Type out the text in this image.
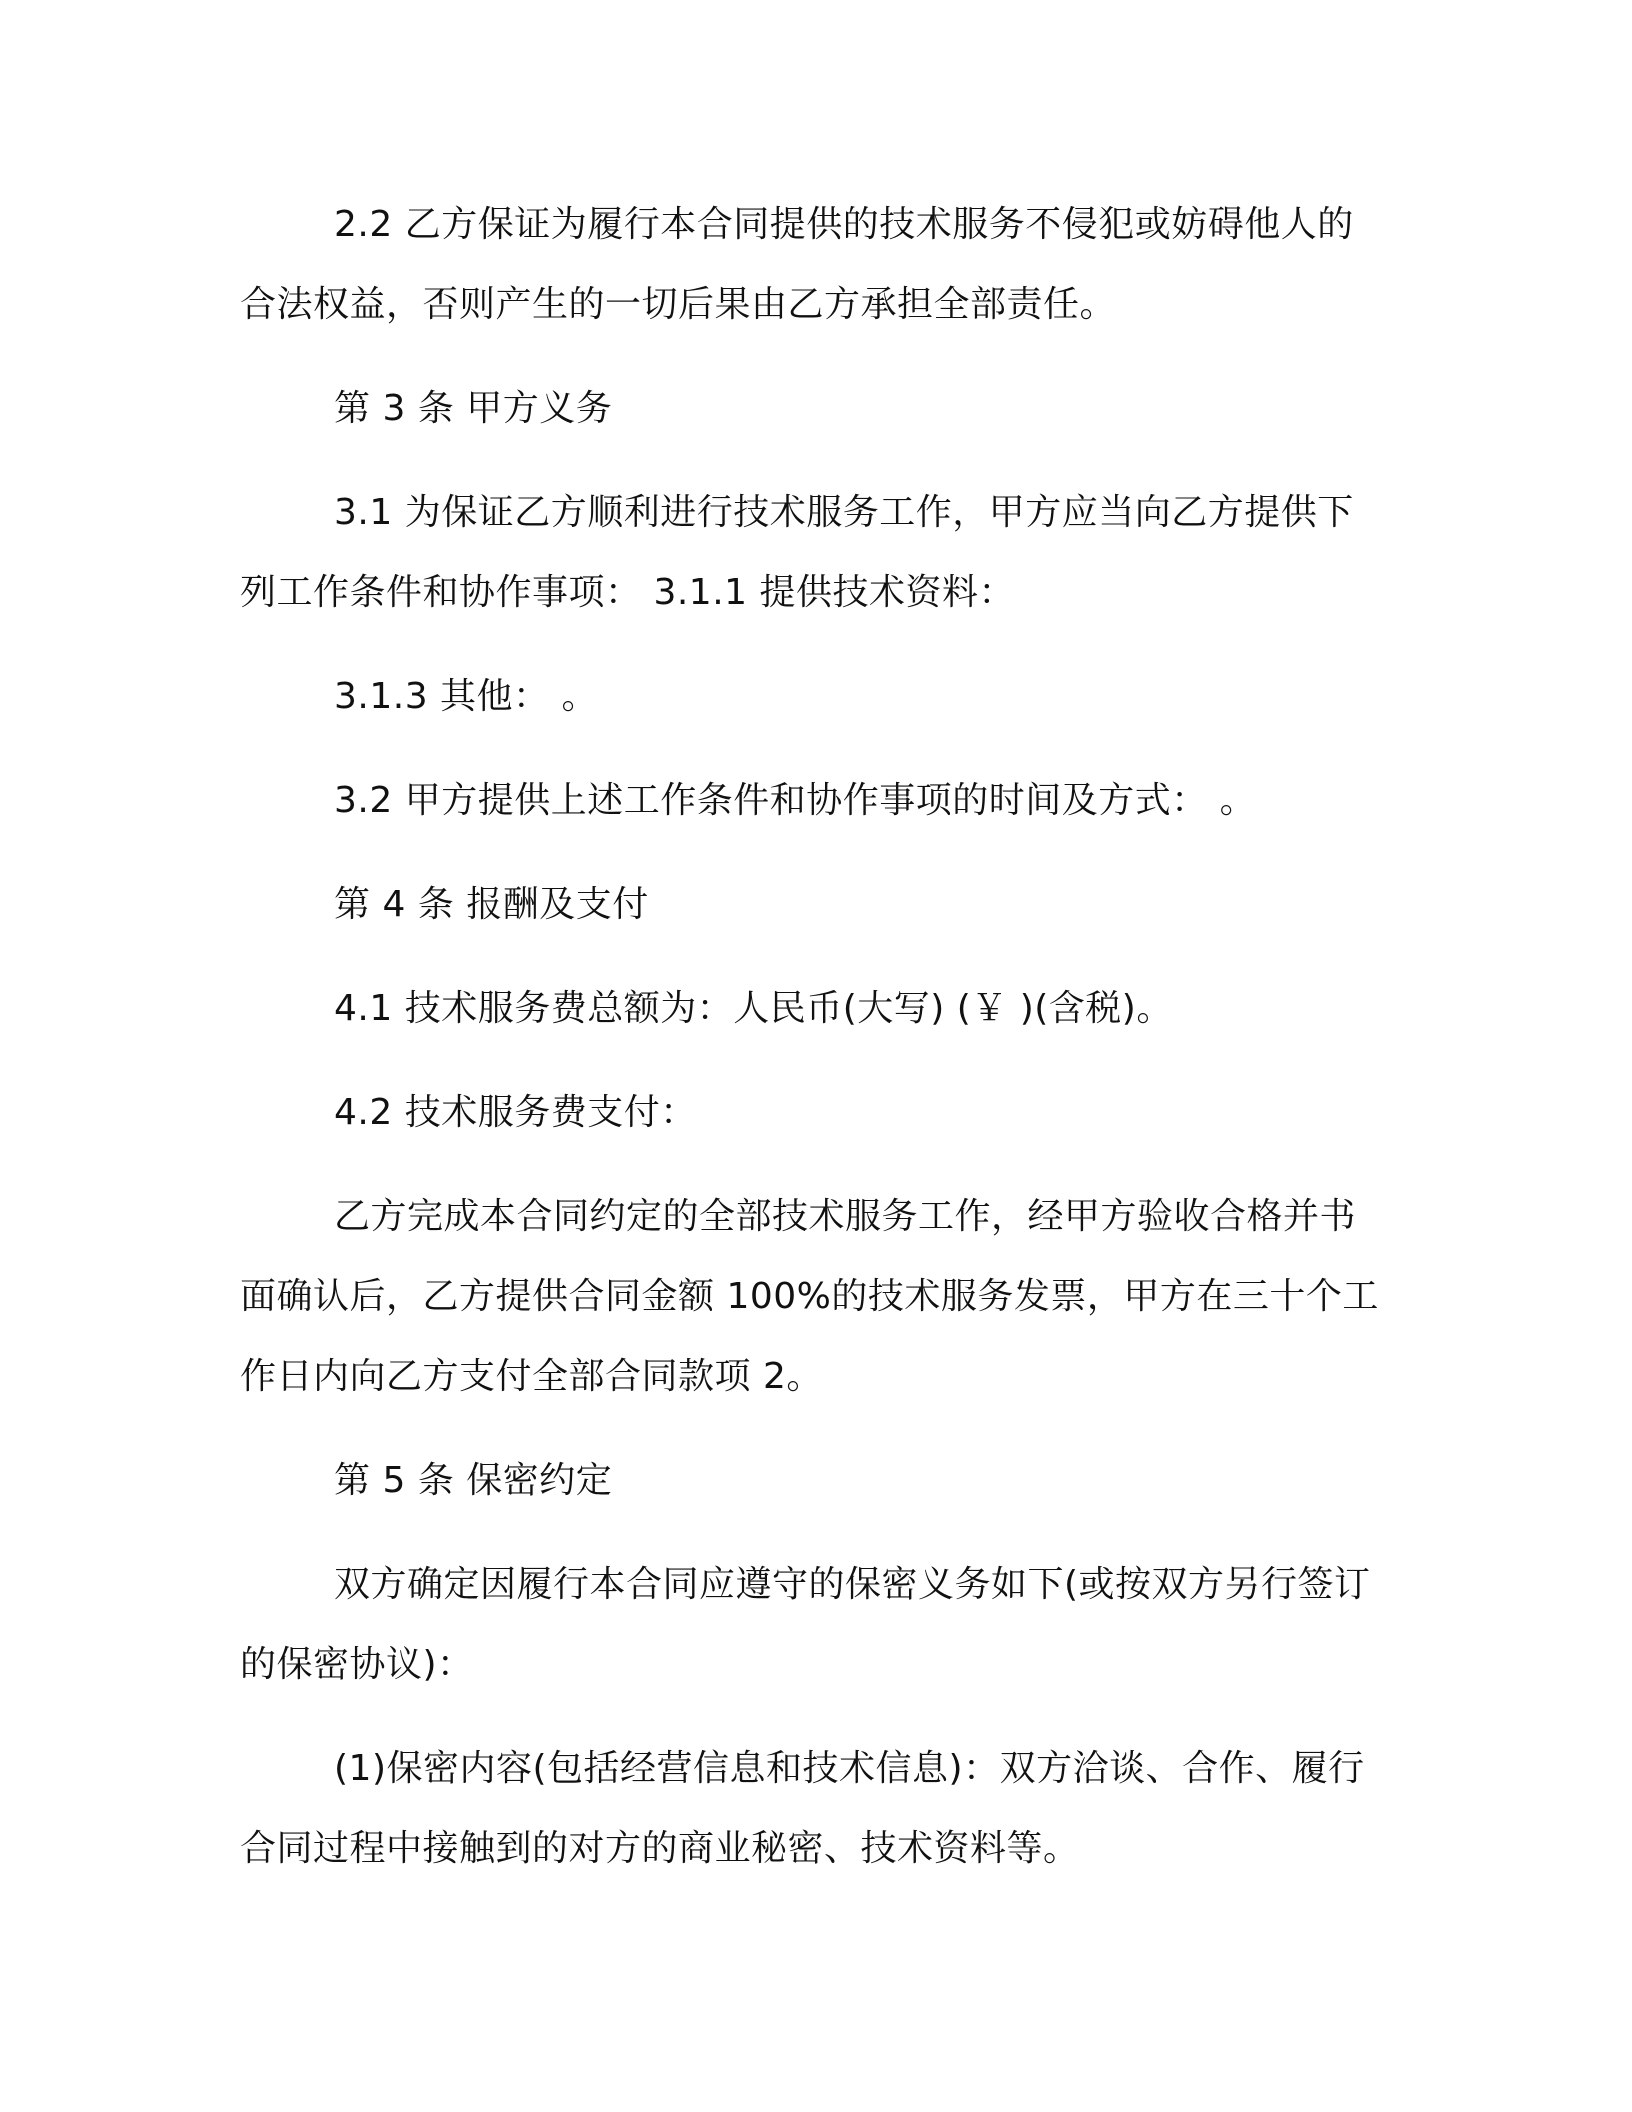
2.2 乙方保证为履行本合同提供的技术服务不侵犯或妨碍他人的合法权益，否则产生的一切后果由乙方承担全部责任。

第 3 条 甲方义务

3.1 为保证乙方顺利进行技术服务工作，甲方应当向乙方提供下列工作条件和协作事项： 3.1.1 提供技术资料：

3.1.3 其他： 。

3.2 甲方提供上述工作条件和协作事项的时间及方式： 。

第 4 条 报酬及支付

4.1 技术服务费总额为：人民币(大写) (￥ )(含税)。

4.2 技术服务费支付：

乙方完成本合同约定的全部技术服务工作，经甲方验收合格并书面确认后，乙方提供合同金额 100%的技术服务发票，甲方在三十个工作日内向乙方支付全部合同款项 2。

第 5 条 保密约定

双方确定因履行本合同应遵守的保密义务如下(或按双方另行签订的保密协议)：

(1)保密内容(包括经营信息和技术信息)：双方洽谈、合作、履行合同过程中接触到的对方的商业秘密、技术资料等。
